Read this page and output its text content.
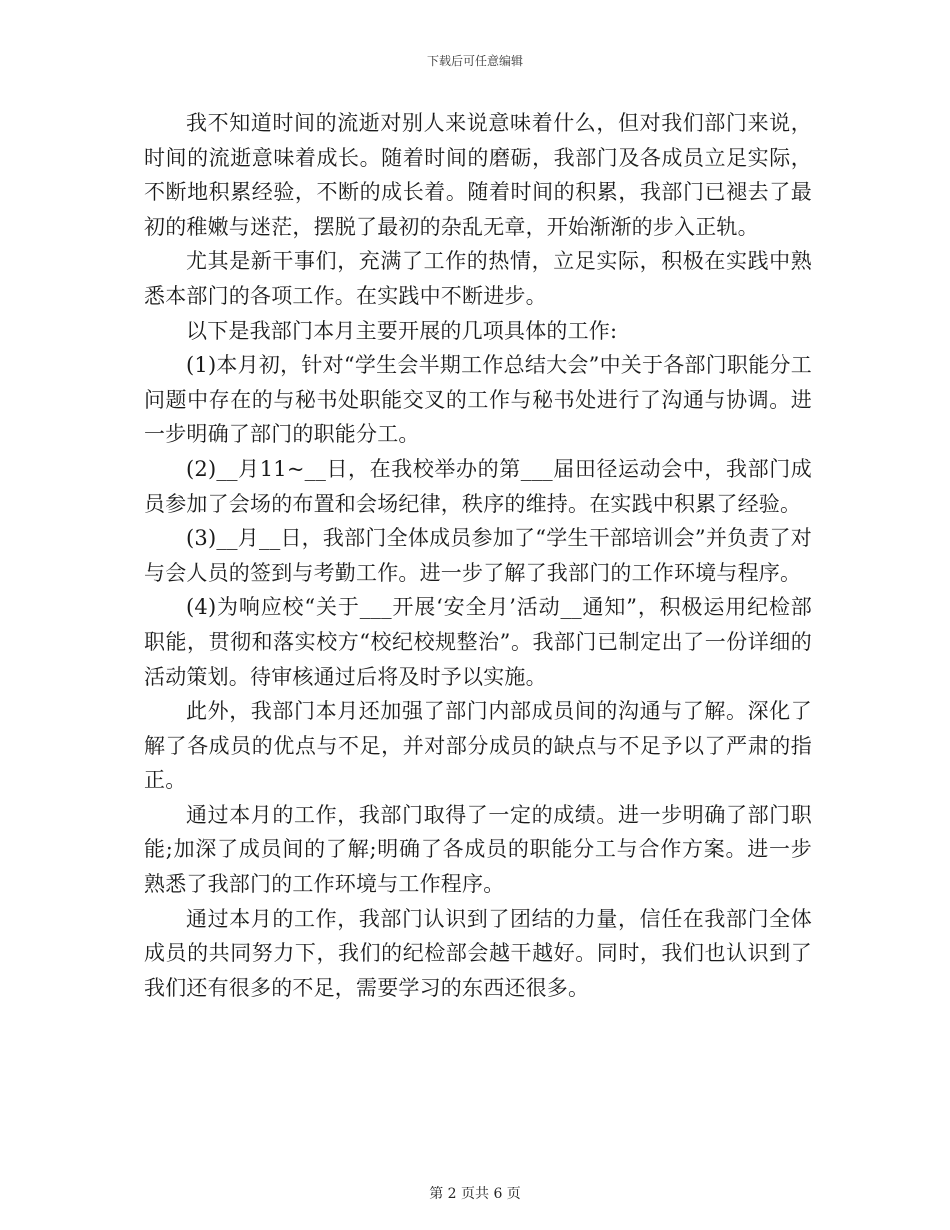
下载后可任意编辑

我不知道时间的流逝对别人来说意味着什么，但对我们部门来说，时间的流逝意味着成长。随着时间的磨砺，我部门及各成员立足实际，不断地积累经验，不断的成长着。随着时间的积累，我部门已褪去了最初的稚嫩与迷茫，摆脱了最初的杂乱无章，开始渐渐的步入正轨。

尤其是新干事们，充满了工作的热情，立足实际，积极在实践中熟悉本部门的各项工作。在实践中不断进步。

以下是我部门本月主要开展的几项具体的工作:

(1)本月初，针对“学生会半期工作总结大会”中关于各部门职能分工问题中存在的与秘书处职能交叉的工作与秘书处进行了沟通与协调。进一步明确了部门的职能分工。

(2)__月11~__日，在我校举办的第___届田径运动会中，我部门成员参加了会场的布置和会场纪律，秩序的维持。在实践中积累了经验。

(3)__月__日，我部门全体成员参加了“学生干部培训会”并负责了对与会人员的签到与考勤工作。进一步了解了我部门的工作环境与程序。

(4)为响应校“关于___开展‘安全月’活动__通知”，积极运用纪检部职能，贯彻和落实校方“校纪校规整治”。我部门已制定出了一份详细的活动策划。待审核通过后将及时予以实施。

此外，我部门本月还加强了部门内部成员间的沟通与了解。深化了解了各成员的优点与不足，并对部分成员的缺点与不足予以了严肃的指正。

通过本月的工作，我部门取得了一定的成绩。进一步明确了部门职能;加深了成员间的了解;明确了各成员的职能分工与合作方案。进一步熟悉了我部门的工作环境与工作程序。

通过本月的工作，我部门认识到了团结的力量，信任在我部门全体成员的共同努力下，我们的纪检部会越干越好。同时，我们也认识到了我们还有很多的不足，需要学习的东西还很多。

第 2 页共 6 页
